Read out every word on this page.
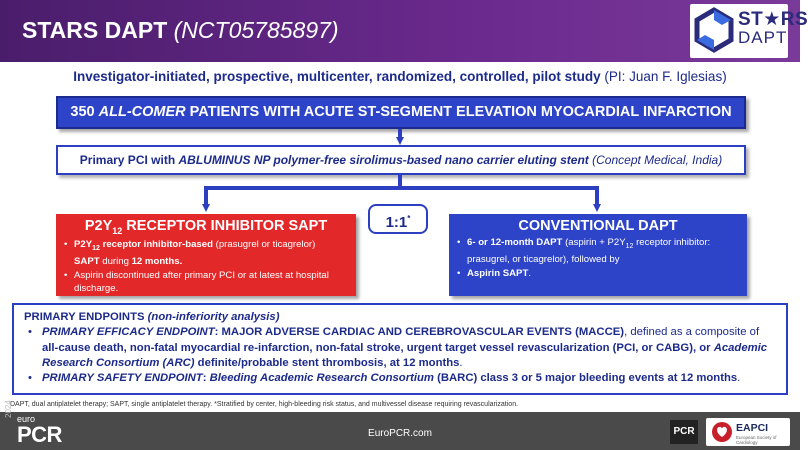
STARS DAPT (NCT05785897)	ST★RS
DAPT
Investigator-initiated, prospective, multicenter, randomized, controlled, pilot study (PI: Juan F. Iglesias)
350 ALL-COMER PATIENTS WITH ACUTE ST-SEGMENT ELEVATION MYOCARDIAL INFARCTION
Primary PCI with ABLUMINUS NP polymer-free sirolimus-based nano carrier eluting stent (Concept Medical, India)
1:1*
$P2Y_{12}$ RECEPTOR INHIBITOR SAPT
• $P2Y_{12}$ receptor inhibitor-based (prasugrel or ticagrelor)
SAPT during 12 months.
• Aspirin discontinued after primary PCI or at latest at hospital discharge.
CONVENTIONAL DAPT
• 6- or 12-month DAPT (aspirin + $P2Y_{12}$ receptor inhibitor: prasugrel, or ticagrelor), followed by
• Aspirin SAPT.
PRIMARY ENDPOINTS (non-inferiority analysis)
• PRIMARY EFFICACY ENDPOINT: MAJOR ADVERSE CARDIAC AND CEREBROVASCULAR EVENTS (MACCE), defined as a composite of all-cause death, non-fatal myocardial re-infarction, non-fatal stroke, urgent target vessel revascularization (PCI, or CABG), or Academic Research Consortium (ARC) definite/probable stent thrombosis, at 12 months.
• PRIMARY SAFETY ENDPOINT: Bleeding Academic Research Consortium (BARC) class 3 or 5 major bleeding events at 12 months.
DAPT, dual antiplatelet therapy; SAPT, single antiplatelet therapy. *Stratified by center, high-bleeding risk status, and multivessel disease requiring revascularization.
2024
euro
PCR	EuroPCR.com	PCR	EAPCI
European Society of Cardiology
